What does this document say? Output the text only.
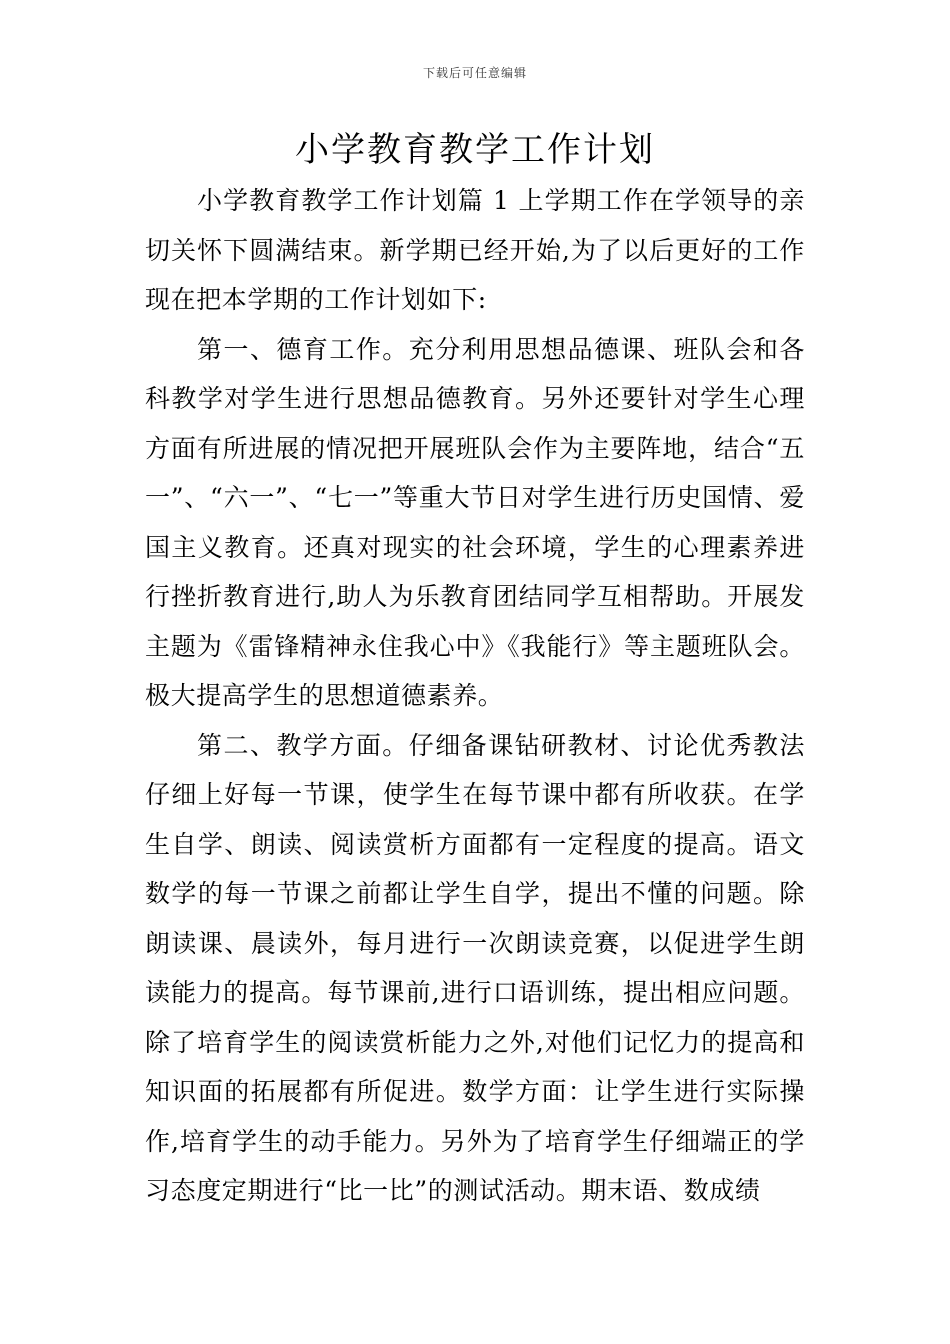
下载后可任意编辑
小学教育教学工作计划

小学教育教学工作计划篇 1 上学期工作在学领导的亲切关怀下圆满结束。新学期已经开始,为了以后更好的工作现在把本学期的工作计划如下:

第一、德育工作。充分利用思想品德课、班队会和各科教学对学生进行思想品德教育。另外还要针对学生心理方面有所进展的情况把开展班队会作为主要阵地，结合“五一”、“六一”、“七一”等重大节日对学生进行历史国情、爱国主义教育。还真对现实的社会环境，学生的心理素养进行挫折教育进行,助人为乐教育团结同学互相帮助。开展发主题为《雷锋精神永住我心中》《我能行》等主题班队会。极大提高学生的思想道德素养。

第二、教学方面。仔细备课钻研教材、讨论优秀教法仔细上好每一节课，使学生在每节课中都有所收获。在学生自学、朗读、阅读赏析方面都有一定程度的提高。语文数学的每一节课之前都让学生自学，提出不懂的问题。除朗读课、晨读外，每月进行一次朗读竞赛，以促进学生朗读能力的提高。每节课前,进行口语训练，提出相应问题。除了培育学生的阅读赏析能力之外,对他们记忆力的提高和知识面的拓展都有所促进。数学方面：让学生进行实际操作,培育学生的动手能力。另外为了培育学生仔细端正的学习态度定期进行“比一比”的测试活动。期末语、数成绩
